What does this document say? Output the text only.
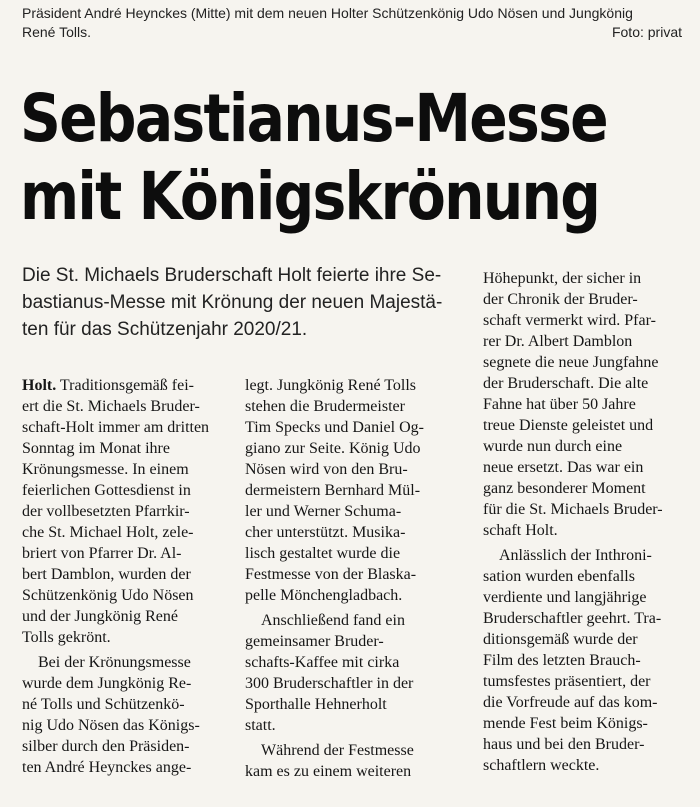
Präsident André Heynckes (Mitte) mit dem neuen Holter Schützenkönig Udo Nösen und Jungkönig
René Tolls.	Foto: privat
Sebastianus-Messe
mit Königskrönung
Die St. Michaels Bruderschaft Holt feierte ihre Se-
bastianus-Messe mit Krönung der neuen Majestä-
ten für das Schützenjahr 2020/21.
Holt. Traditionsgemäß fei-
ert die St. Michaels Bruder-
schaft-Holt immer am dritten
Sonntag im Monat ihre
Krönungsmesse. In einem
feierlichen Gottesdienst in
der vollbesetzten Pfarrkir-
che St. Michael Holt, zele-
briert von Pfarrer Dr. Al-
bert Damblon, wurden der
Schützenkönig Udo Nösen
und der Jungkönig René
Tolls gekrönt.
Bei der Krönungsmesse
wurde dem Jungkönig Re-
né Tolls und Schützenkö-
nig Udo Nösen das Königs-
silber durch den Präsiden-
ten André Heynckes ange-
legt. Jungkönig René Tolls
stehen die Brudermeister
Tim Specks und Daniel Og-
giano zur Seite. König Udo
Nösen wird von den Bru-
dermeistern Bernhard Mül-
ler und Werner Schuma-
cher unterstützt. Musika-
lisch gestaltet wurde die
Festmesse von der Blaska-
pelle Mönchengladbach.
Anschließend fand ein
gemeinsamer Bruder-
schafts-Kaffee mit cirka
300 Bruderschaftler in der
Sporthalle Hehnerholt
statt.
Während der Festmesse
kam es zu einem weiteren
Höhepunkt, der sicher in
der Chronik der Bruder-
schaft vermerkt wird. Pfar-
rer Dr. Albert Damblon
segnete die neue Jungfahne
der Bruderschaft. Die alte
Fahne hat über 50 Jahre
treue Dienste geleistet und
wurde nun durch eine
neue ersetzt. Das war ein
ganz besonderer Moment
für die St. Michaels Bruder-
schaft Holt.
Anlässlich der Inthroni-
sation wurden ebenfalls
verdiente und langjährige
Bruderschaftler geehrt. Tra-
ditionsgemäß wurde der
Film des letzten Brauch-
tumsfestes präsentiert, der
die Vorfreude auf das kom-
mende Fest beim Königs-
haus und bei den Bruder-
schaftlern weckte.
